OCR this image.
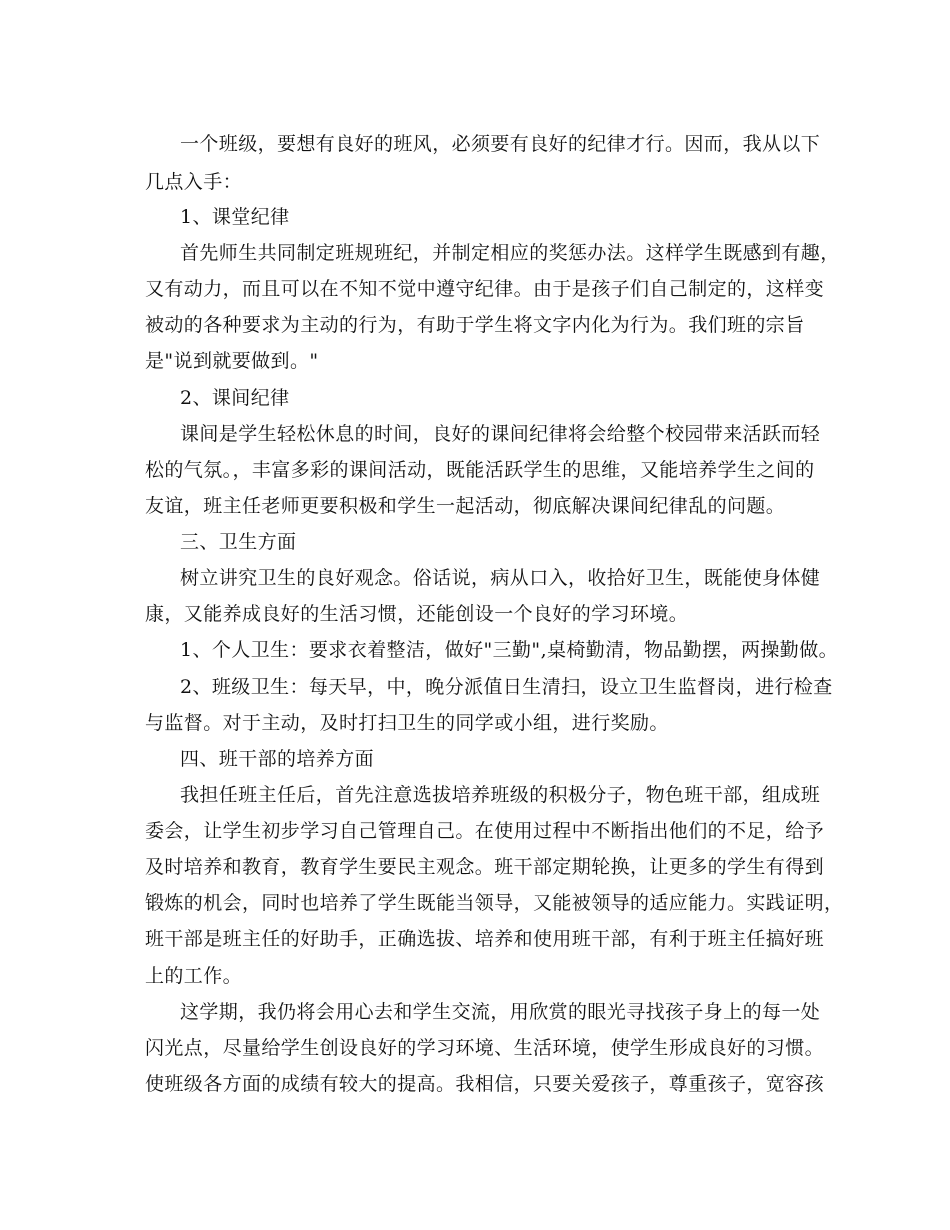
一个班级，要想有良好的班风，必须要有良好的纪律才行。因而，我从以下
几点入手：
1、课堂纪律
首先师生共同制定班规班纪，并制定相应的奖惩办法。这样学生既感到有趣，
又有动力，而且可以在不知不觉中遵守纪律。由于是孩子们自己制定的，这样变
被动的各种要求为主动的行为，有助于学生将文字内化为行为。我们班的宗旨
是"说到就要做到。"
2、课间纪律
课间是学生轻松休息的时间，良好的课间纪律将会给整个校园带来活跃而轻
松的气氛。，丰富多彩的课间活动，既能活跃学生的思维，又能培养学生之间的
友谊，班主任老师更要积极和学生一起活动，彻底解决课间纪律乱的问题。
三、卫生方面
树立讲究卫生的良好观念。俗话说，病从口入，收拾好卫生，既能使身体健
康，又能养成良好的生活习惯，还能创设一个良好的学习环境。
1、个人卫生：要求衣着整洁，做好"三勤",桌椅勤清，物品勤摆，两操勤做。
2、班级卫生：每天早，中，晚分派值日生清扫，设立卫生监督岗，进行检查
与监督。对于主动，及时打扫卫生的同学或小组，进行奖励。
四、班干部的培养方面
我担任班主任后，首先注意选拔培养班级的积极分子，物色班干部，组成班
委会，让学生初步学习自己管理自己。在使用过程中不断指出他们的不足，给予
及时培养和教育，教育学生要民主观念。班干部定期轮换，让更多的学生有得到
锻炼的机会，同时也培养了学生既能当领导，又能被领导的适应能力。实践证明，
班干部是班主任的好助手，正确选拔、培养和使用班干部，有利于班主任搞好班
上的工作。
这学期，我仍将会用心去和学生交流，用欣赏的眼光寻找孩子身上的每一处
闪光点，尽量给学生创设良好的学习环境、生活环境，使学生形成良好的习惯。
使班级各方面的成绩有较大的提高。我相信，只要关爱孩子，尊重孩子，宽容孩
